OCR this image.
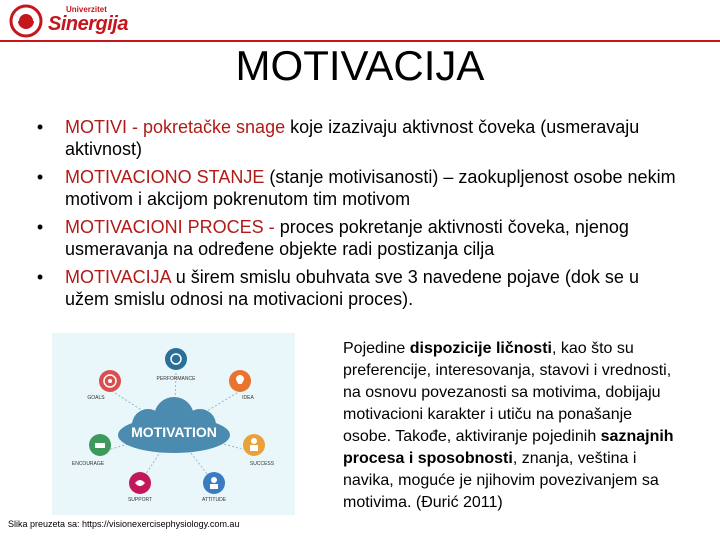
Univerzitet
Sinergija
MOTIVACIJA
•	MOTIVI - pokretačke snage koje izazivaju aktivnost čoveka (usmeravaju aktivnost)
•	MOTIVACIONO STANJE (stanje motivisanosti) – zaokupljenost osobe nekim motivom i akcijom pokrenutom tim motivom
•	MOTIVACIONI PROCES - proces pokretanje aktivnosti čoveka, njenog usmeravanja na određene objekte radi postizanja cilja
•	MOTIVACIJA u širem smislu obuhvata sve 3 navedene pojave (dok se u užem smislu odnosi na motivacioni proces).
MOTIVATION
PERFORMANCE
GOALS	IDEA
ENCOURAGE	SUCCESS
SUPPORT	ATTITUDE
Slika preuzeta sa: https://visionexercisephysiology.com.au
Pojedine dispozicije ličnosti, kao što su preferencije, interesovanja, stavovi i vrednosti, na osnovu povezanosti sa motivima, dobijaju motivacioni karakter i utiču na ponašanje osobe. Takođe, aktiviranje pojedinih saznajnih procesa i sposobnosti, znanja, veština i navika, moguće je njihovim povezivanjem sa motivima. (Đurić 2011)
